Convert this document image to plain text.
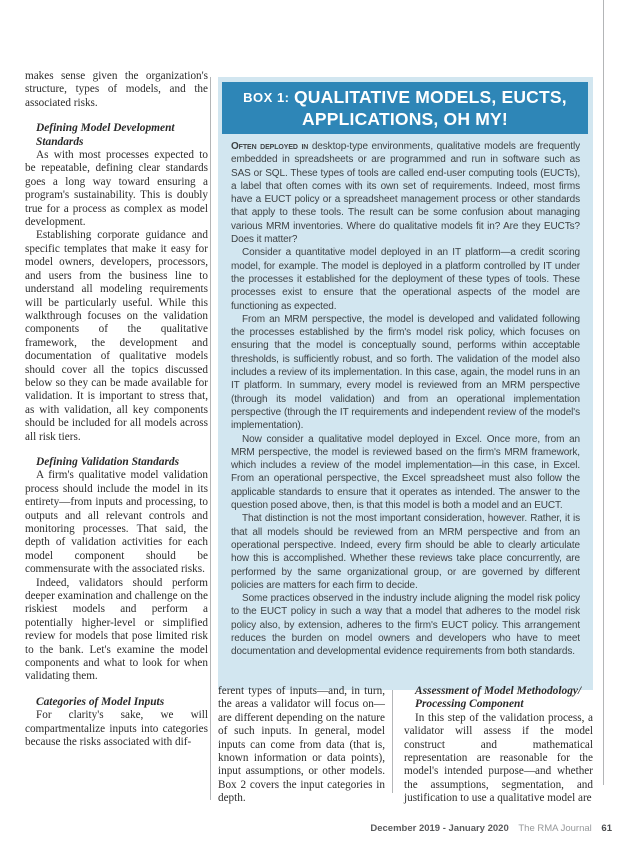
makes sense given the organization's structure, types of models, and the associated risks.

Defining Model Development Standards

As with most processes expected to be repeatable, defining clear standards goes a long way toward ensuring a program's sustainability. This is doubly true for a process as complex as model development.

Establishing corporate guidance and specific templates that make it easy for model owners, developers, processors, and users from the business line to understand all modeling requirements will be particularly useful. While this walkthrough focuses on the validation components of the qualitative framework, the development and documentation of qualitative models should cover all the topics discussed below so they can be made available for validation. It is important to stress that, as with validation, all key components should be included for all models across all risk tiers.

Defining Validation Standards

A firm's qualitative model validation process should include the model in its entirety—from inputs and processing, to outputs and all relevant controls and monitoring processes. That said, the depth of validation activities for each model component should be commensurate with the associated risks.

Indeed, validators should perform deeper examination and challenge on the riskiest models and perform a potentially higher-level or simplified review for models that pose limited risk to the bank. Let's examine the model components and what to look for when validating them.

Categories of Model Inputs

For clarity's sake, we will compartmentalize inputs into categories because the risks associated with dif-

BOX 1: QUALITATIVE MODELS, EUCTS,
APPLICATIONS, OH MY!

Often deployed in desktop-type environments, qualitative models are frequently embedded in spreadsheets or are programmed and run in software such as SAS or SQL. These types of tools are called end-user computing tools (EUCTs), a label that often comes with its own set of requirements. Indeed, most firms have a EUCT policy or a spreadsheet management process or other standards that apply to these tools. The result can be some confusion about managing various MRM inventories. Where do qualitative models fit in? Are they EUCTs? Does it matter?

Consider a quantitative model deployed in an IT platform—a credit scoring model, for example. The model is deployed in a platform controlled by IT under the processes it established for the deployment of these types of tools. These processes exist to ensure that the operational aspects of the model are functioning as expected.

From an MRM perspective, the model is developed and validated following the processes established by the firm's model risk policy, which focuses on ensuring that the model is conceptually sound, performs within acceptable thresholds, is sufficiently robust, and so forth. The validation of the model also includes a review of its implementation. In this case, again, the model runs in an IT platform. In summary, every model is reviewed from an MRM perspective (through its model validation) and from an operational implementation perspective (through the IT requirements and independent review of the model's implementation).

Now consider a qualitative model deployed in Excel. Once more, from an MRM perspective, the model is reviewed based on the firm's MRM framework, which includes a review of the model implementation—in this case, in Excel. From an operational perspective, the Excel spreadsheet must also follow the applicable standards to ensure that it operates as intended. The answer to the question posed above, then, is that this model is both a model and an EUCT.

That distinction is not the most important consideration, however. Rather, it is that all models should be reviewed from an MRM perspective and from an operational perspective. Indeed, every firm should be able to clearly articulate how this is accomplished. Whether these reviews take place concurrently, are performed by the same organizational group, or are governed by different policies are matters for each firm to decide.

Some practices observed in the industry include aligning the model risk policy to the EUCT policy in such a way that a model that adheres to the model risk policy also, by extension, adheres to the firm's EUCT policy. This arrangement reduces the burden on model owners and developers who have to meet documentation and developmental evidence requirements from both standards.

ferent types of inputs—and, in turn, the areas a validator will focus on—are different depending on the nature of such inputs. In general, model inputs can come from data (that is, known information or data points), input assumptions, or other models. Box 2 covers the input categories in depth.

Assessment of Model Methodology/
Processing Component

In this step of the validation process, a validator will assess if the model construct and mathematical representation are reasonable for the model's intended purpose—and whether the assumptions, segmentation, and justification to use a qualitative model are

December 2019 - January 2020 The RMA Journal 61
